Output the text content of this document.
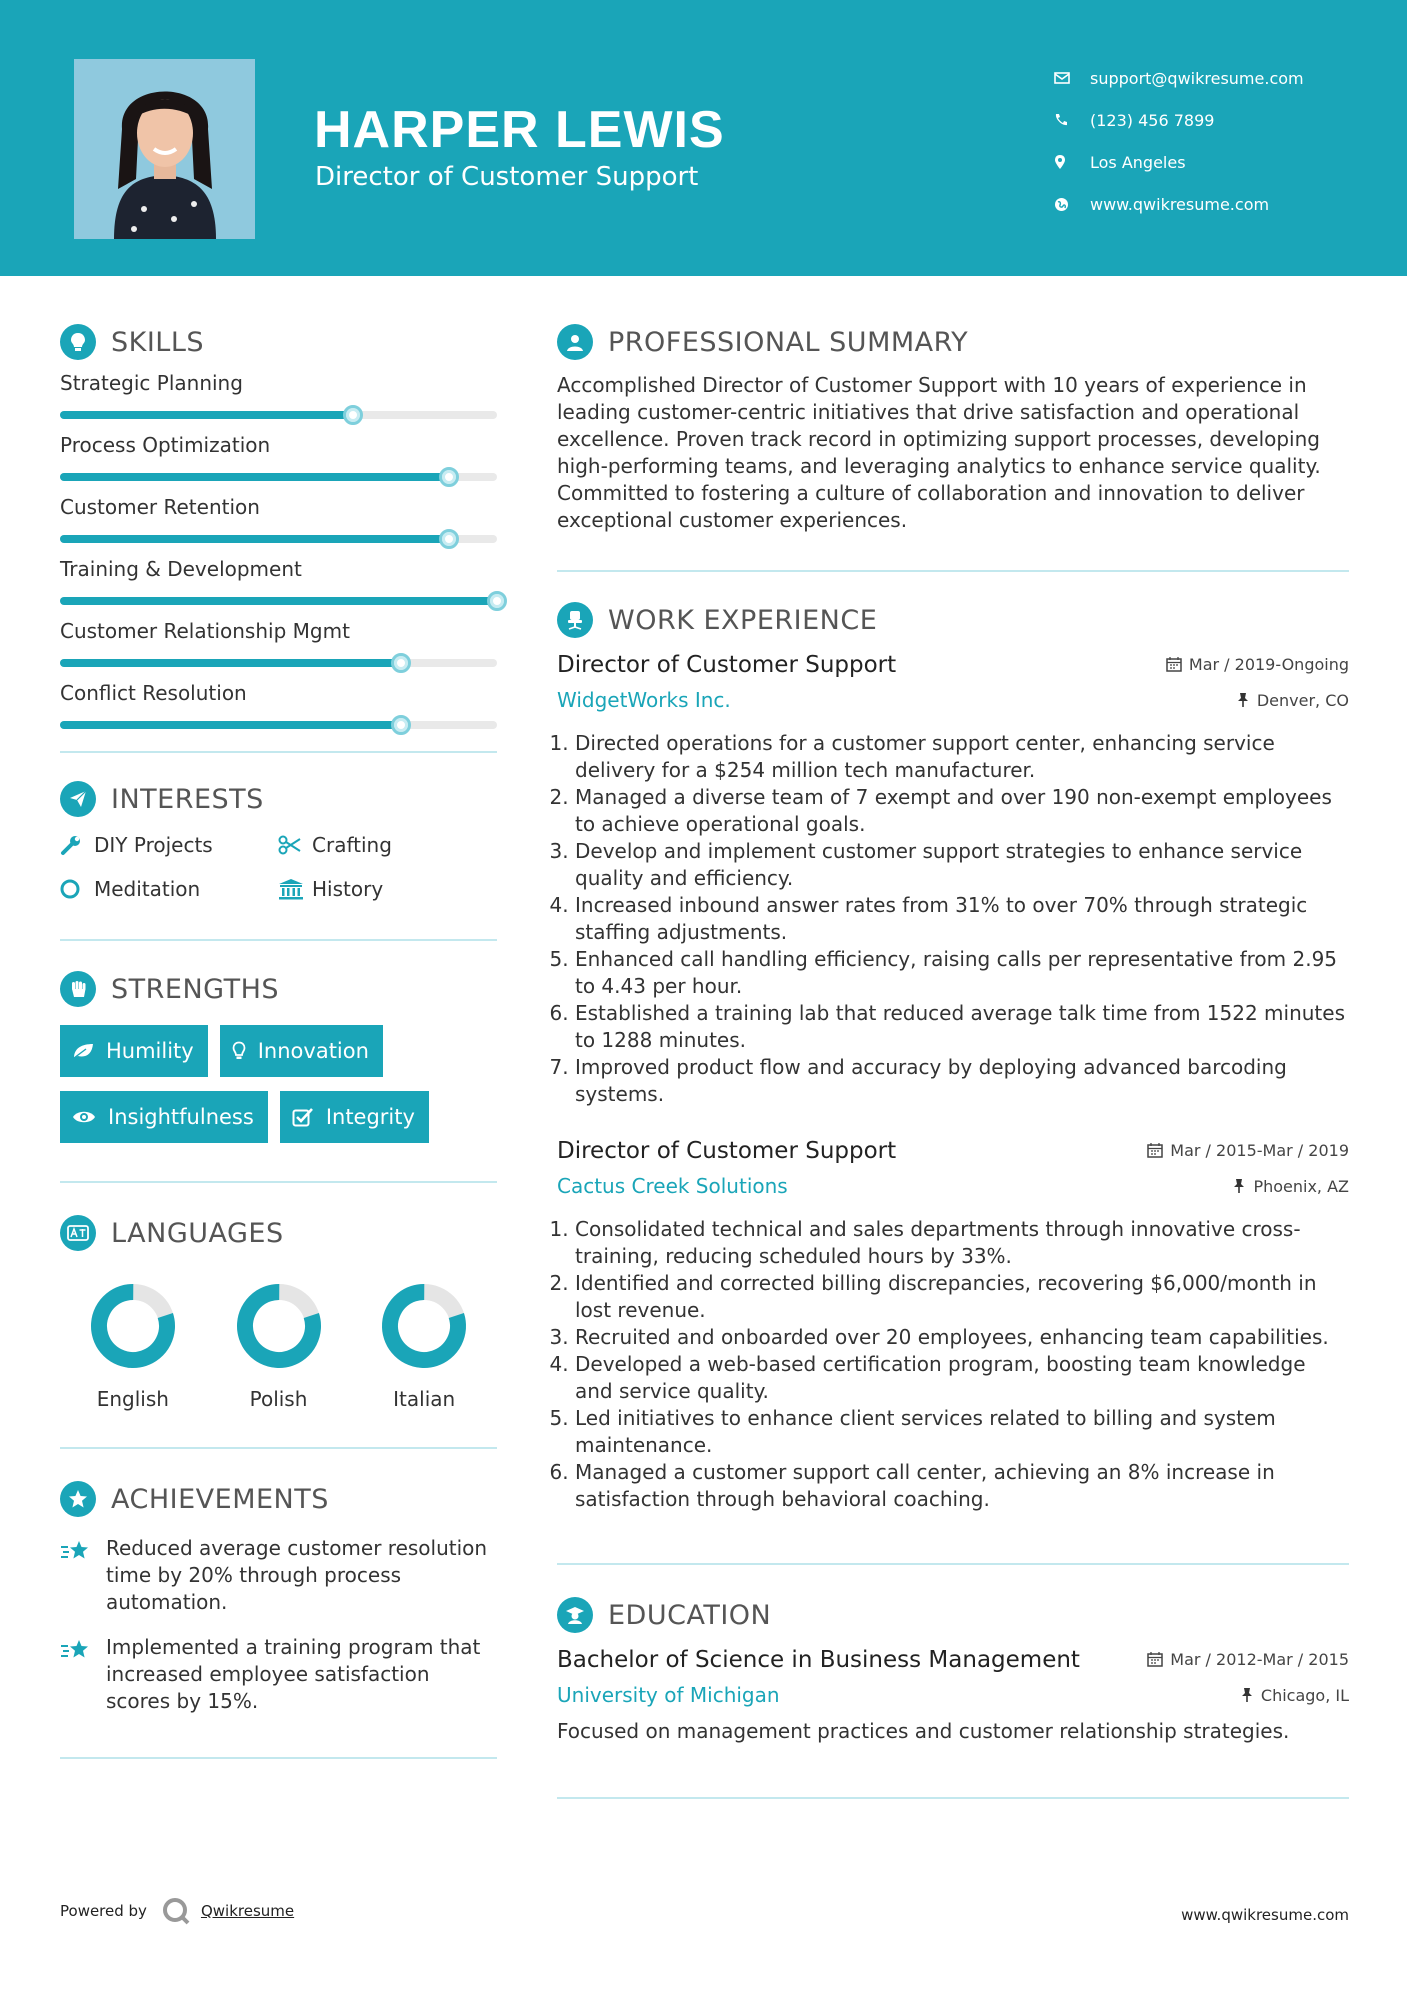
HARPER LEWIS
Director of Customer Support
support@qwikresume.com
(123) 456 7899
Los Angeles
www.qwikresume.com
SKILLS
Strategic Planning
Process Optimization
Customer Retention
Training & Development
Customer Relationship Mgmt
Conflict Resolution
INTERESTS
DIY Projects	Crafting
Meditation	History
STRENGTHS
Humility	Innovation
Insightfulness	Integrity
LANGUAGES
English	Polish	Italian
ACHIEVEMENTS
Reduced average customer resolution time by 20% through process automation.
Implemented a training program that increased employee satisfaction scores by 15%.
PROFESSIONAL SUMMARY
Accomplished Director of Customer Support with 10 years of experience in leading customer-centric initiatives that drive satisfaction and operational excellence. Proven track record in optimizing support processes, developing high-performing teams, and leveraging analytics to enhance service quality. Committed to fostering a culture of collaboration and innovation to deliver exceptional customer experiences.
WORK EXPERIENCE
Director of Customer Support	Mar / 2019-Ongoing
WidgetWorks Inc.	Denver, CO
1. Directed operations for a customer support center, enhancing service delivery for a $254 million tech manufacturer.
2. Managed a diverse team of 7 exempt and over 190 non-exempt employees to achieve operational goals.
3. Develop and implement customer support strategies to enhance service quality and efficiency.
4. Increased inbound answer rates from 31% to over 70% through strategic staffing adjustments.
5. Enhanced call handling efficiency, raising calls per representative from 2.95 to 4.43 per hour.
6. Established a training lab that reduced average talk time from 1522 minutes to 1288 minutes.
7. Improved product flow and accuracy by deploying advanced barcoding systems.
Director of Customer Support	Mar / 2015-Mar / 2019
Cactus Creek Solutions	Phoenix, AZ
1. Consolidated technical and sales departments through innovative cross-training, reducing scheduled hours by 33%.
2. Identified and corrected billing discrepancies, recovering $6,000/month in lost revenue.
3. Recruited and onboarded over 20 employees, enhancing team capabilities.
4. Developed a web-based certification program, boosting team knowledge and service quality.
5. Led initiatives to enhance client services related to billing and system maintenance.
6. Managed a customer support call center, achieving an 8% increase in satisfaction through behavioral coaching.
EDUCATION
Bachelor of Science in Business Management	Mar / 2012-Mar / 2015
University of Michigan	Chicago, IL
Focused on management practices and customer relationship strategies.
Powered by	Qwikresume	www.qwikresume.com
